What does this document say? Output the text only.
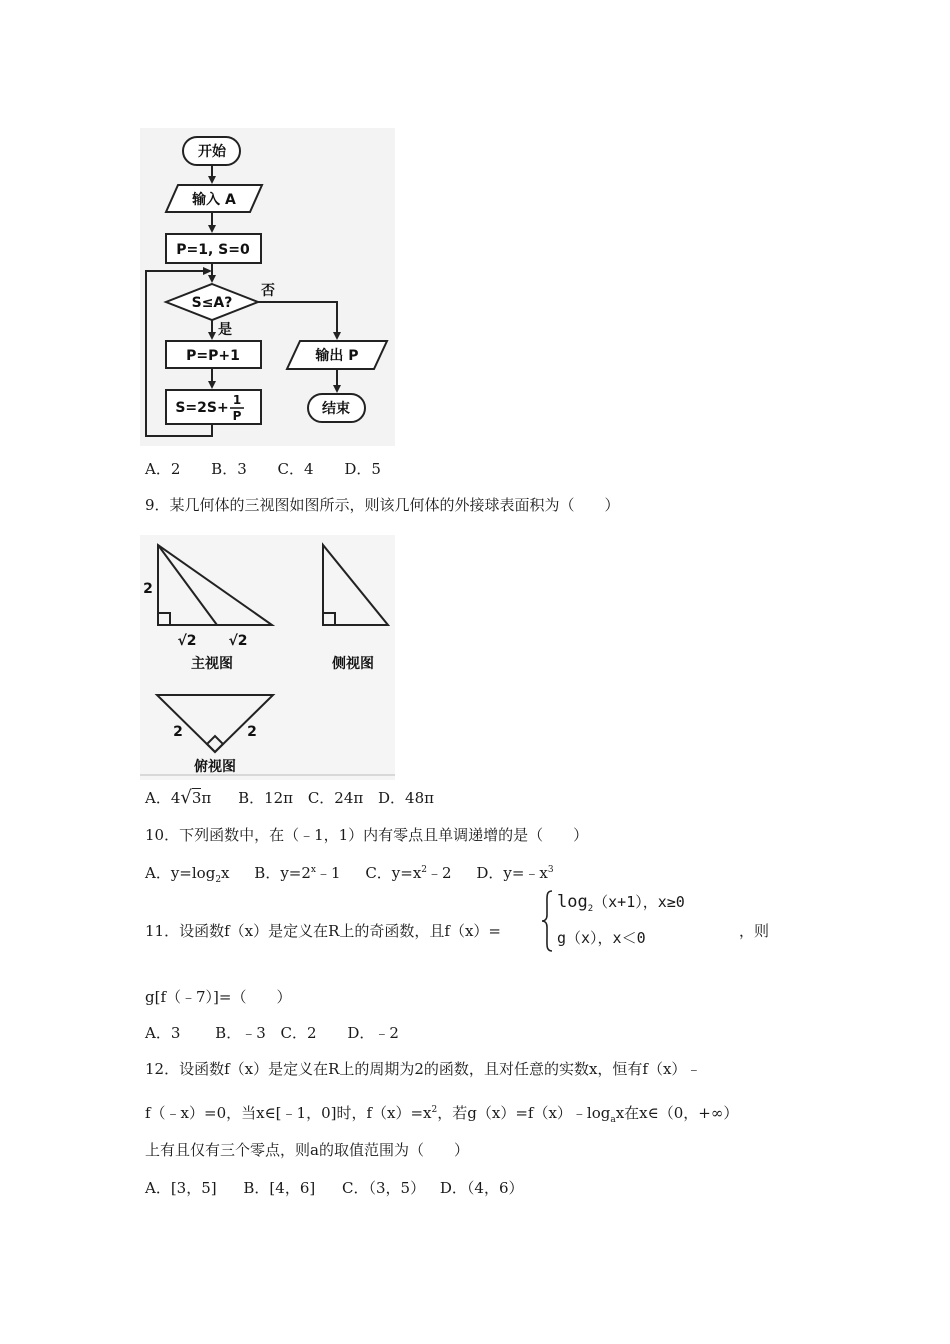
开始
输入 A
P=1, S=0
S≤A?
否
是
P=P+1
S=2S+ 1
P
输出 P
结束
A．2 B．3 C．4 D．5
9．某几何体的三视图如图所示，则该几何体的外接球表面积为（　　）
2
√2 √2
主视图	侧视图
2	2
俯视图
A．4√3π B．12π C．24π D．48π
10．下列函数中，在（﹣1，1）内有零点且单调递增的是（　　）
A．$y=\log_2x$ B．$y=2^x﹣1$ C．$y=x^2﹣2$ D．$y=﹣x^3$
11．设函数f（x）是定义在R上的奇函数，且f（x）=
$\log_2(x+1)$，x≥0
g（x），x＜0	，则
g[f（﹣7）]=（　　）
A．3 B．﹣3 C．2 D．﹣2
12．设函数f（x）是定义在R上的周期为2的函数，且对任意的实数x，恒有f（x）﹣
f（﹣x）=0，当x∈[﹣1，0]时，$f(x)=x^2$，若$g(x)=f(x)﹣\log_ax$在x∈（0，+∞）
上有且仅有三个零点，则a的取值范围为（　　）
A．[3，5] B．[4，6] C．（3，5） D．（4，6）
